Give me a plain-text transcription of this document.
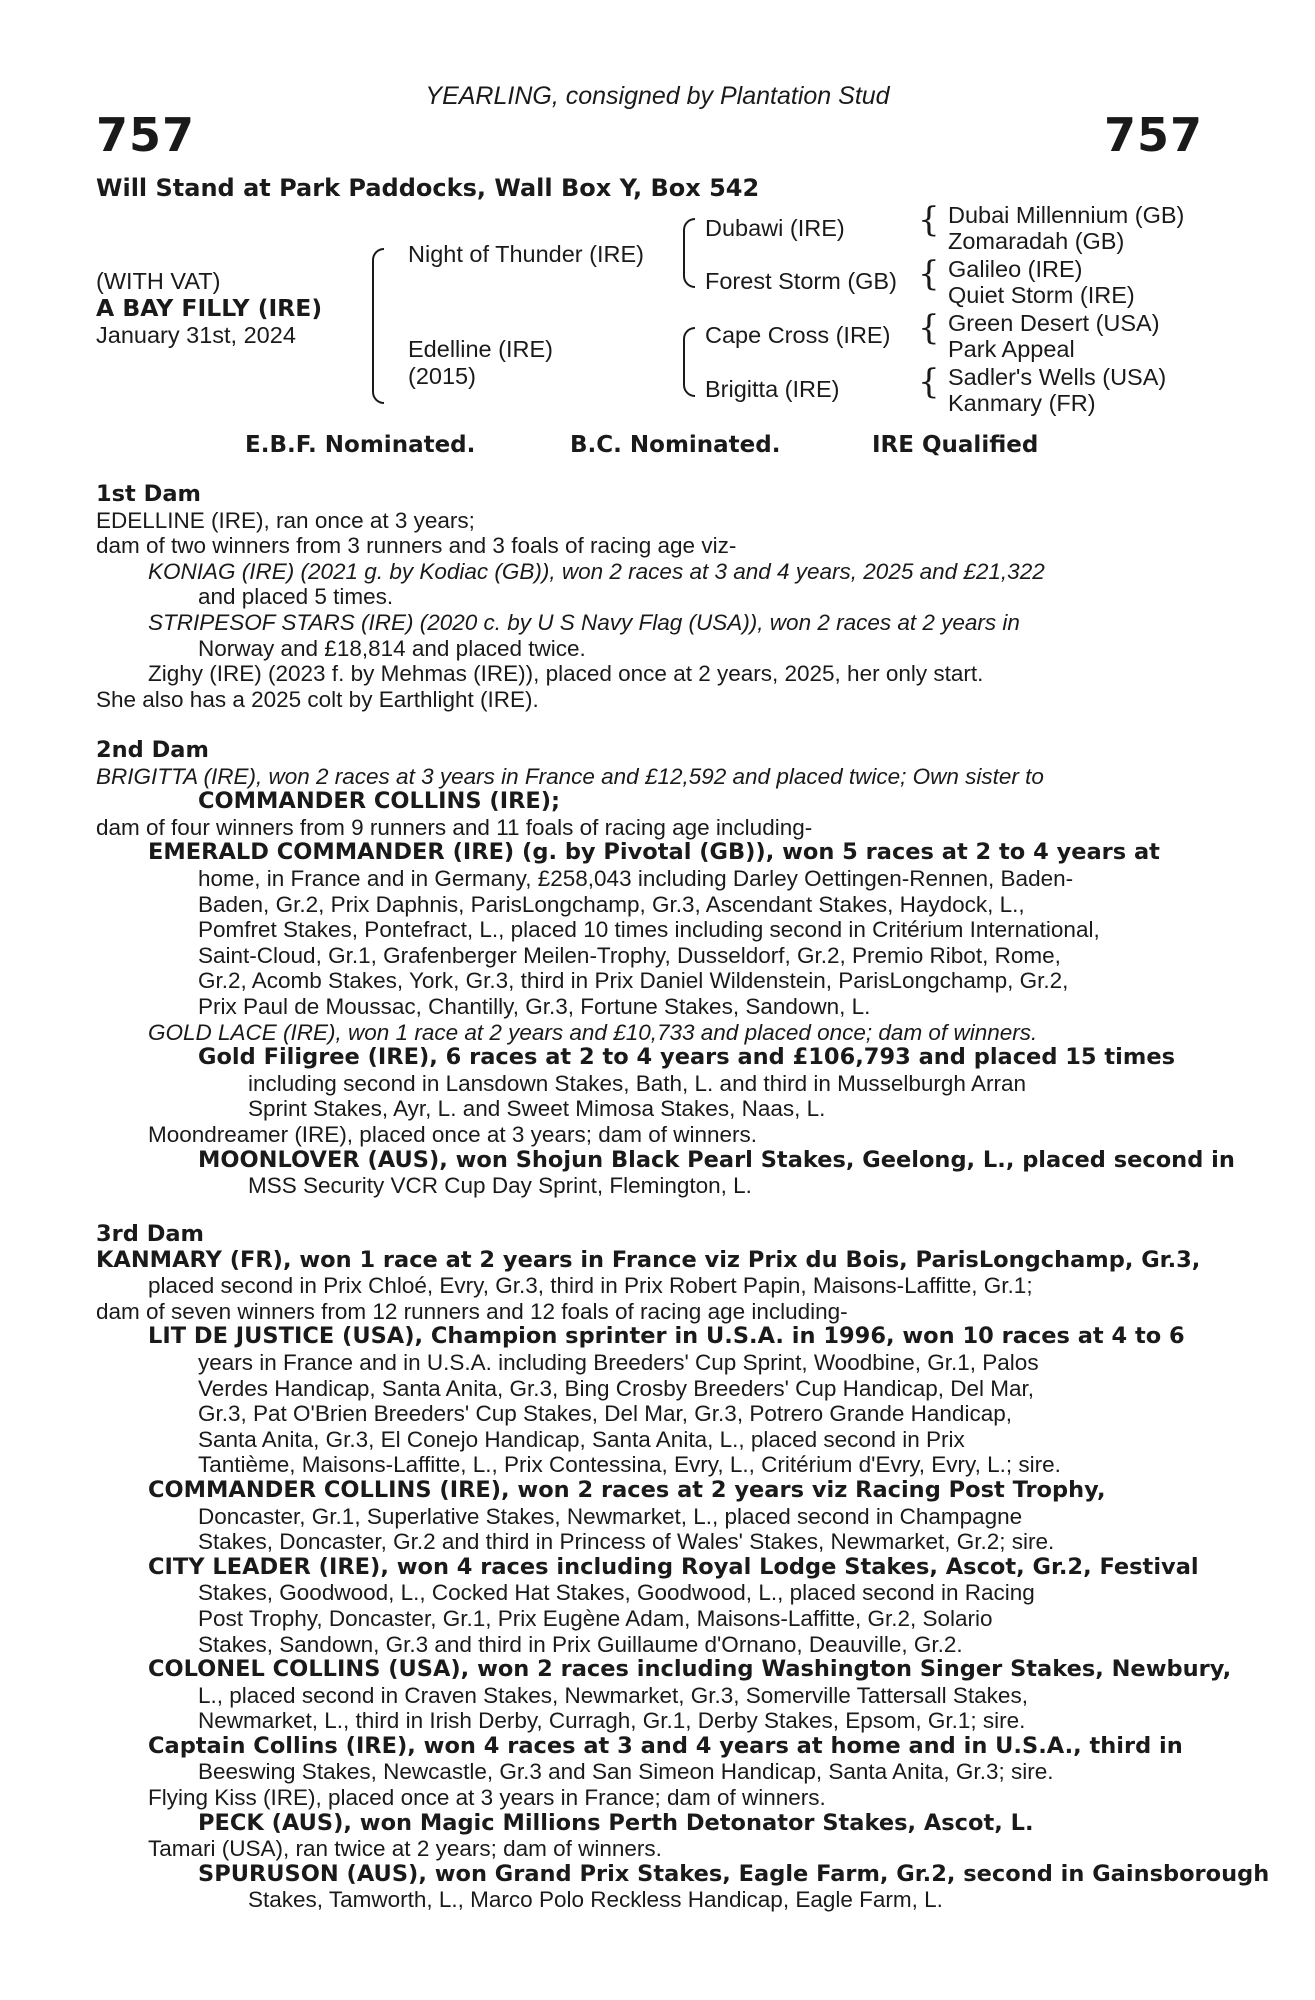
YEARLING, consigned by Plantation Stud
757	757
Will Stand at Park Paddocks, Wall Box Y, Box 542
(WITH VAT)
A BAY FILLY (IRE)
January 31st, 2024
Night of Thunder (IRE)
Edelline (IRE)
(2015)
Dubawi (IRE)
Forest Storm (GB)
Cape Cross (IRE)
Brigitta (IRE)
{
{
{
{
Dubai Millennium (GB)
Zomaradah (GB)
Galileo (IRE)
Quiet Storm (IRE)
Green Desert (USA)
Park Appeal
Sadler's Wells (USA)
Kanmary (FR)
E.B.F. Nominated.	B.C. Nominated.	IRE Qualified
1st Dam
EDELLINE (IRE), ran once at 3 years;
dam of two winners from 3 runners and 3 foals of racing age viz-
KONIAG (IRE) (2021 g. by Kodiac (GB)), won 2 races at 3 and 4 years, 2025 and £21,322
and placed 5 times.
STRIPESOF STARS (IRE) (2020 c. by U S Navy Flag (USA)), won 2 races at 2 years in
Norway and £18,814 and placed twice.
Zighy (IRE) (2023 f. by Mehmas (IRE)), placed once at 2 years, 2025, her only start.
She also has a 2025 colt by Earthlight (IRE).
2nd Dam
BRIGITTA (IRE), won 2 races at 3 years in France and £12,592 and placed twice; Own sister to
COMMANDER COLLINS (IRE);
dam of four winners from 9 runners and 11 foals of racing age including-
EMERALD COMMANDER (IRE) (g. by Pivotal (GB)), won 5 races at 2 to 4 years at
home, in France and in Germany, £258,043 including Darley Oettingen-Rennen, Baden-
Baden, Gr.2, Prix Daphnis, ParisLongchamp, Gr.3, Ascendant Stakes, Haydock, L.,
Pomfret Stakes, Pontefract, L., placed 10 times including second in Critérium International,
Saint-Cloud, Gr.1, Grafenberger Meilen-Trophy, Dusseldorf, Gr.2, Premio Ribot, Rome,
Gr.2, Acomb Stakes, York, Gr.3, third in Prix Daniel Wildenstein, ParisLongchamp, Gr.2,
Prix Paul de Moussac, Chantilly, Gr.3, Fortune Stakes, Sandown, L.
GOLD LACE (IRE), won 1 race at 2 years and £10,733 and placed once; dam of winners.
Gold Filigree (IRE), 6 races at 2 to 4 years and £106,793 and placed 15 times
including second in Lansdown Stakes, Bath, L. and third in Musselburgh Arran
Sprint Stakes, Ayr, L. and Sweet Mimosa Stakes, Naas, L.
Moondreamer (IRE), placed once at 3 years; dam of winners.
MOONLOVER (AUS), won Shojun Black Pearl Stakes, Geelong, L., placed second in
MSS Security VCR Cup Day Sprint, Flemington, L.
3rd Dam
KANMARY (FR), won 1 race at 2 years in France viz Prix du Bois, ParisLongchamp, Gr.3,
placed second in Prix Chloé, Evry, Gr.3, third in Prix Robert Papin, Maisons-Laffitte, Gr.1;
dam of seven winners from 12 runners and 12 foals of racing age including-
LIT DE JUSTICE (USA), Champion sprinter in U.S.A. in 1996, won 10 races at 4 to 6
years in France and in U.S.A. including Breeders' Cup Sprint, Woodbine, Gr.1, Palos
Verdes Handicap, Santa Anita, Gr.3, Bing Crosby Breeders' Cup Handicap, Del Mar,
Gr.3, Pat O'Brien Breeders' Cup Stakes, Del Mar, Gr.3, Potrero Grande Handicap,
Santa Anita, Gr.3, El Conejo Handicap, Santa Anita, L., placed second in Prix
Tantième, Maisons-Laffitte, L., Prix Contessina, Evry, L., Critérium d'Evry, Evry, L.; sire.
COMMANDER COLLINS (IRE), won 2 races at 2 years viz Racing Post Trophy,
Doncaster, Gr.1, Superlative Stakes, Newmarket, L., placed second in Champagne
Stakes, Doncaster, Gr.2 and third in Princess of Wales' Stakes, Newmarket, Gr.2; sire.
CITY LEADER (IRE), won 4 races including Royal Lodge Stakes, Ascot, Gr.2, Festival
Stakes, Goodwood, L., Cocked Hat Stakes, Goodwood, L., placed second in Racing
Post Trophy, Doncaster, Gr.1, Prix Eugène Adam, Maisons-Laffitte, Gr.2, Solario
Stakes, Sandown, Gr.3 and third in Prix Guillaume d'Ornano, Deauville, Gr.2.
COLONEL COLLINS (USA), won 2 races including Washington Singer Stakes, Newbury,
L., placed second in Craven Stakes, Newmarket, Gr.3, Somerville Tattersall Stakes,
Newmarket, L., third in Irish Derby, Curragh, Gr.1, Derby Stakes, Epsom, Gr.1; sire.
Captain Collins (IRE), won 4 races at 3 and 4 years at home and in U.S.A., third in
Beeswing Stakes, Newcastle, Gr.3 and San Simeon Handicap, Santa Anita, Gr.3; sire.
Flying Kiss (IRE), placed once at 3 years in France; dam of winners.
PECK (AUS), won Magic Millions Perth Detonator Stakes, Ascot, L.
Tamari (USA), ran twice at 2 years; dam of winners.
SPURUSON (AUS), won Grand Prix Stakes, Eagle Farm, Gr.2, second in Gainsborough
Stakes, Tamworth, L., Marco Polo Reckless Handicap, Eagle Farm, L.
